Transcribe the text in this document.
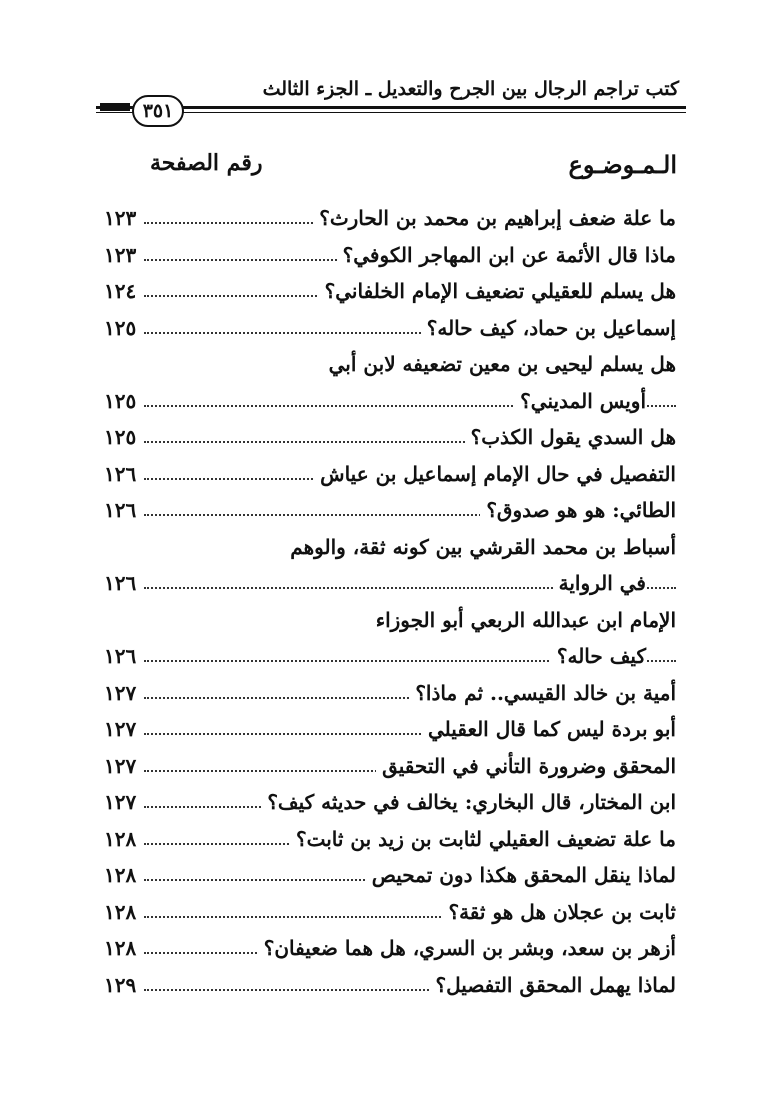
كتب تراجم الرجال بين الجرح والتعديل ـ الجزء الثالث
٣٥١
الـمـوضـوع
رقم الصفحة
ما علة ضعف إبراهيم بن محمد بن الحارث؟
١٢٣
ماذا قال الأئمة عن ابن المهاجر الكوفي؟
١٢٣
هل يسلم للعقيلي تضعيف الإمام الخلفاني؟
١٢٤
إسماعيل بن حماد، كيف حاله؟
١٢٥
هل يسلم ليحيى بن معين تضعيفه لابن أبي
أويس المديني؟
١٢٥
هل السدي يقول الكذب؟
١٢٥
التفصيل في حال الإمام إسماعيل بن عياش
١٢٦
الطائي: هو هو صدوق؟
١٢٦
أسباط بن محمد القرشي بين كونه ثقة، والوهم
في الرواية
١٢٦
الإمام ابن عبدالله الربعي أبو الجوزاء
كيف حاله؟
١٢٦
أمية بن خالد القيسي.. ثم ماذا؟
١٢٧
أبو بردة ليس كما قال العقيلي
١٢٧
المحقق وضرورة التأني في التحقيق
١٢٧
ابن المختار، قال البخاري: يخالف في حديثه كيف؟
١٢٧
ما علة تضعيف العقيلي لثابت بن زيد بن ثابت؟
١٢٨
لماذا ينقل المحقق هكذا دون تمحيص
١٢٨
ثابت بن عجلان هل هو ثقة؟
١٢٨
أزهر بن سعد، وبشر بن السري، هل هما ضعيفان؟
١٢٨
لماذا يهمل المحقق التفصيل؟
١٢٩
